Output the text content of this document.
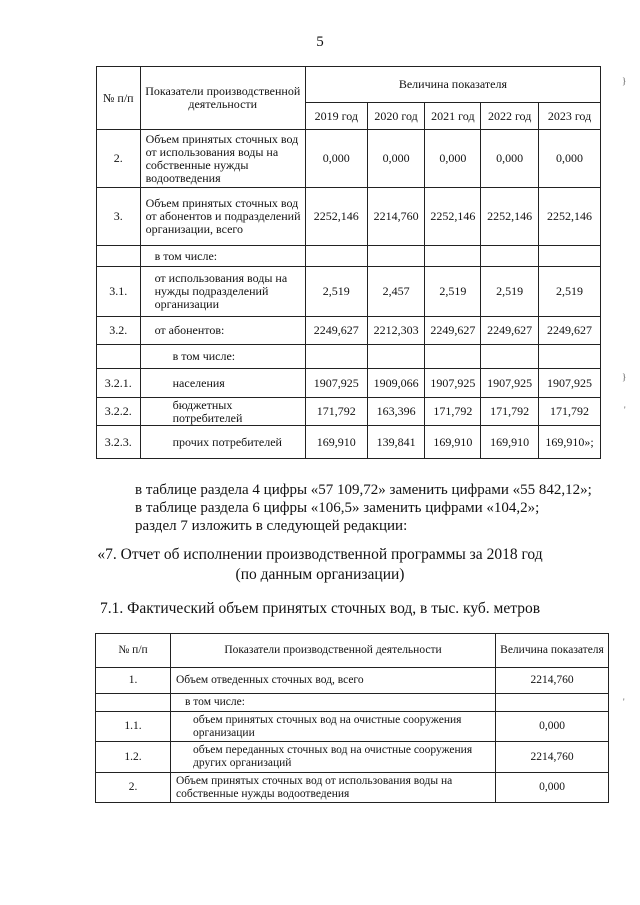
5
№ п/п	Показатели производственной деятельности	Величина показателя				
		2019 год	2020 год	2021 год	2022 год	2023 год
2.	Объем принятых сточных вод от использования воды на собственные нужды водоотведения	0,000	0,000	0,000	0,000	0,000
3.	Объем принятых сточных вод от абонентов и подразделений организации, всего	2252,146	2214,760	2252,146	2252,146	2252,146
	в том числе:					
3.1.	от использования воды на нужды подразделений организации	2,519	2,457	2,519	2,519	2,519
3.2.	от абонентов:	2249,627	2212,303	2249,627	2249,627	2249,627
	в том числе:					
3.2.1.	населения	1907,925	1909,066	1907,925	1907,925	1907,925
3.2.2.	бюджетных потребителей	171,792	163,396	171,792	171,792	171,792
3.2.3.	прочих потребителей	169,910	139,841	169,910	169,910	169,910»;
в таблице раздела 4 цифры «57 109,72» заменить цифрами «55 842,12»;
в таблице раздела 6 цифры «106,5» заменить цифрами «104,2»;
раздел 7 изложить в следующей редакции:
«7. Отчет об исполнении производственной программы за 2018 год
(по данным организации)
7.1. Фактический объем принятых сточных вод, в тыс. куб. метров
№ п/п	Показатели производственной деятельности	Величина показателя
1.	Объем отведенных сточных вод, всего	2214,760
	в том числе:	
1.1.	объем принятых сточных вод на очистные сооружения организации	0,000
1.2.	объем переданных сточных вод на очистные сооружения других организаций	2214,760
2.	Объем принятых сточных вод от использования воды на собственные нужды водоотведения	0,000
}
}
'
'
